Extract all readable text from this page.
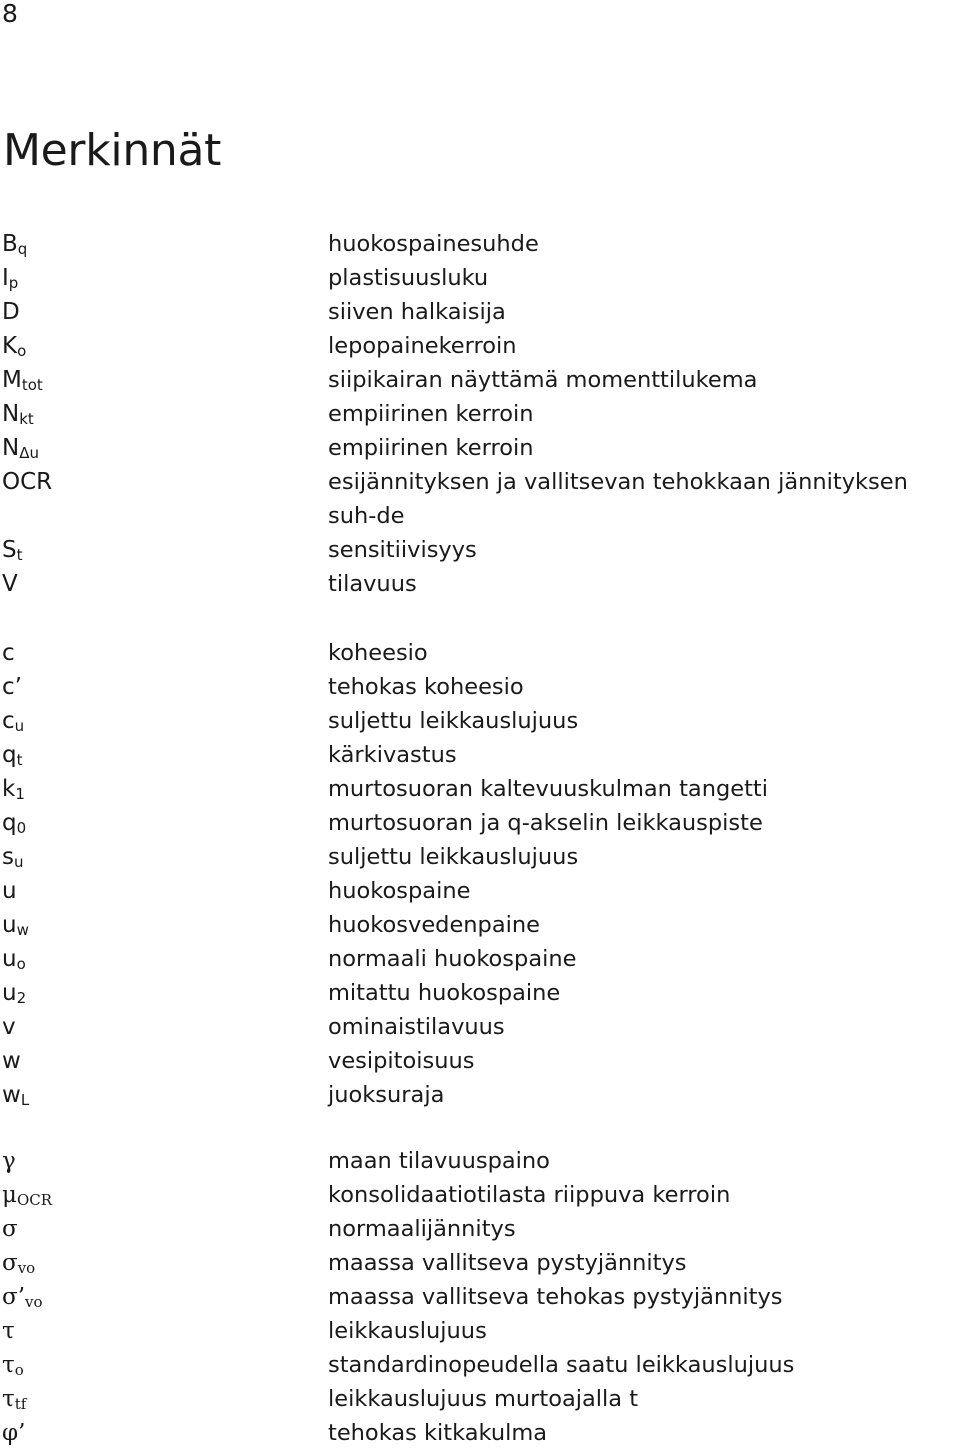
8
Merkinnät
Bq	huokospainesuhde
Ip	plastisuusluku
D	siiven halkaisija
Ko	lepopainekerroin
Mtot	siipikairan näyttämä momenttilukema
Nkt	empiirinen kerroin
NΔu	empiirinen kerroin
OCR	esijännityksen ja vallitsevan tehokkaan jännityksen suh-de
St	sensitiivisyys
V	tilavuus
c	koheesio
c’	tehokas koheesio
cu	suljettu leikkauslujuus
qt	kärkivastus
k1	murtosuoran kaltevuuskulman tangetti
q0	murtosuoran ja q-akselin leikkauspiste
su	suljettu leikkauslujuus
u	huokospaine
uw	huokosvedenpaine
uo	normaali huokospaine
u2	mitattu huokospaine
v	ominaistilavuus
w	vesipitoisuus
wL	juoksuraja
γ	maan tilavuuspaino
μOCR	konsolidaatiotilasta riippuva kerroin
σ	normaalijännitys
σvo	maassa vallitseva pystyjännitys
σ’vo	maassa vallitseva tehokas pystyjännitys
τ	leikkauslujuus
τo	standardinopeudella saatu leikkauslujuus
τtf	leikkauslujuus murtoajalla t
φ’	tehokas kitkakulma
